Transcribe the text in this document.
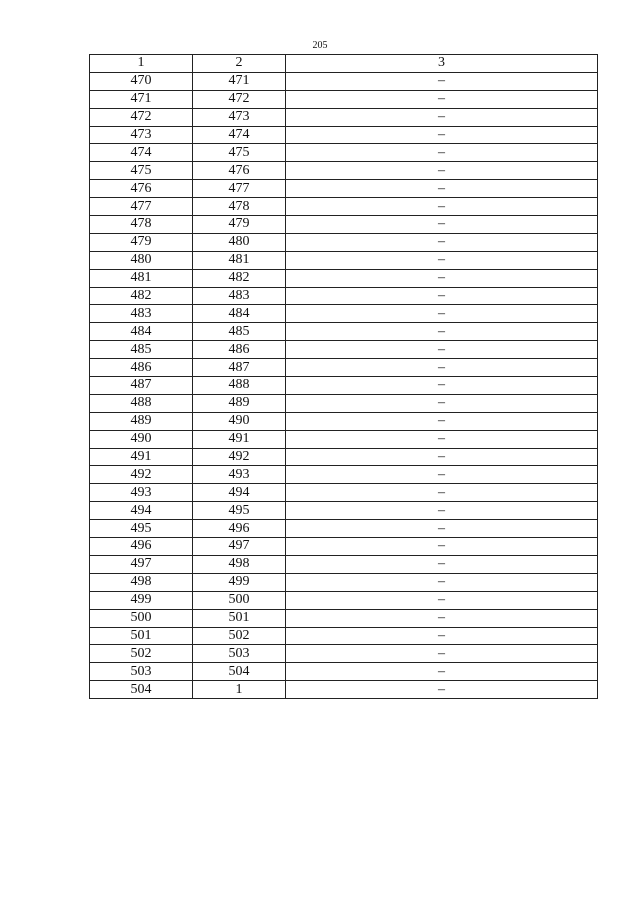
205
1	2	3
470	471	–
471	472	–
472	473	–
473	474	–
474	475	–
475	476	–
476	477	–
477	478	–
478	479	–
479	480	–
480	481	–
481	482	–
482	483	–
483	484	–
484	485	–
485	486	–
486	487	–
487	488	–
488	489	–
489	490	–
490	491	–
491	492	–
492	493	–
493	494	–
494	495	–
495	496	–
496	497	–
497	498	–
498	499	–
499	500	–
500	501	–
501	502	–
502	503	–
503	504	–
504	1	–
